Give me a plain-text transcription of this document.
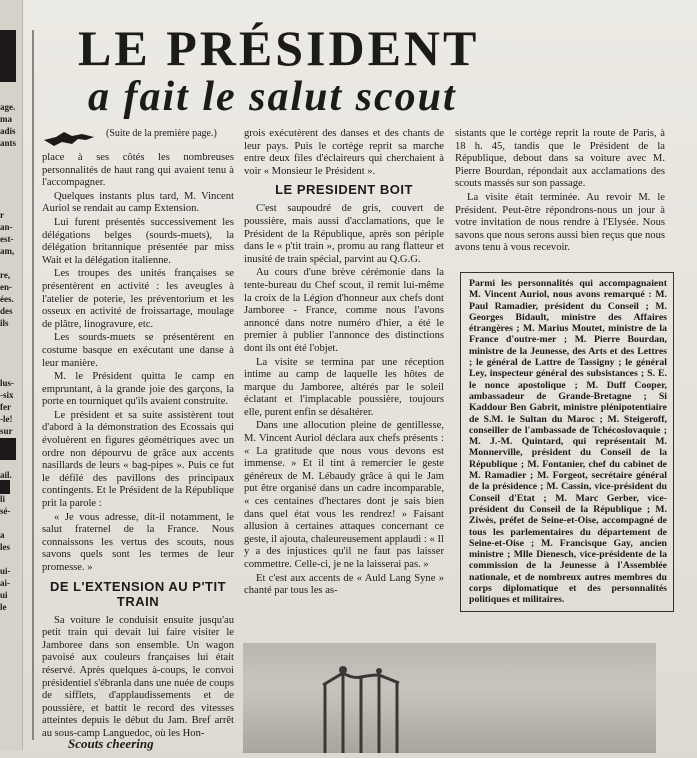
age.
ma
adis
ants
r
an-
est-
am,
re,
en-
ées.
des
ils
lus-
-six
fer
-le!
sur
ail.
li
sé-
a
les
ui-
ai-
ui
le
LE PRÉSIDENT
a fait le salut scout
(Suite de la première page.)

place à ses côtés les nombreuses personnalités de haut rang qui avaient tenu à l'accompagner.

Quelques instants plus tard, M. Vincent Auriol se rendait au camp Extension.

Lui furent présentés successivement les délégations belges (sourds-muets), la délégation britannique présentée par miss Wait et la délégation italienne.

Les troupes des unités françaises se présentèrent en activité : les aveugles à l'atelier de poterie, les préventorium et les osseux en activité de froissartage, moulage de plâtre, linogravure, etc.

Les sourds-muets se présentèrent en costume basque en exécutant une danse à leur manière.

M. le Président quitta le camp en empruntant, à la grande joie des garçons, la porte en tourniquet qu'ils avaient construite.

Le président et sa suite assistèrent tout d'abord à la démonstration des Ecossais qui évoluèrent en figures géométriques avec un ordre non dépourvu de grâce aux accents nasillards de leurs « bag-pipes ». Puis ce fut le défilé des pavillons des principaux contingents. Et le Président de la République prit la parole :

« Je vous adresse, dit-il notamment, le salut fraternel de la France. Nous connaissons les vertus des scouts, nous savons quels sont les termes de leur promesse. »

DE L'EXTENSION AU P'TIT TRAIN

Sa voiture le conduisit ensuite jusqu'au petit train qui devait lui faire visiter le Jamboree dans son ensemble. Un wagon pavoisé aux couleurs françaises lui était réservé. Après quelques à-coups, le convoi présidentiel s'ébranla dans une nuée de coups de sifflets, d'applaudissements et de poussière, et battit le record des vitesses atteintes depuis le début du Jam. Bref arrêt au sous-camp Languedoc, où les Hon-

Scouts cheering

grois exécutèrent des danses et des chants de leur pays. Puis le cortège reprit sa marche entre deux files d'éclaireurs qui cherchaient à voir « Monsieur le Président ».

LE PRESIDENT BOIT

C'est saupoudré de gris, couvert de poussière, mais aussi d'acclamations, que le Président de la République, après son périple dans le « p'tit train », promu au rang flatteur et inusité de train spécial, parvint au Q.G.G.

Au cours d'une brève cérémonie dans la tente-bureau du Chef scout, il remit lui-même la croix de la Légion d'honneur aux chefs dont Jamboree - France, comme nous l'avons annoncé dans notre numéro d'hier, a été le premier à publier l'annonce des distinctions dont ils ont été l'objet.

La visite se termina par une réception intime au camp de laquelle les hôtes de marque du Jamboree, altérés par le soleil éclatant et l'implacable poussière, toujours elle, purent enfin se désaltérer.

Dans une allocution pleine de gentillesse, M. Vincent Auriol déclara aux chefs présents : « La gratitude que nous vous devons est immense. » Et il tint à remercier le geste généreux de M. Lébaudy grâce à qui le Jam put être organisé dans un cadre incomparable, « ces centaines d'hectares dont je sais bien dans quel état vous les rendrez! » Faisant allusion à certaines attaques concernant ce geste, il ajouta, chaleureusement applaudi : « Il y a des injustices qu'il ne faut pas laisser commettre. Celle-ci, je ne la laisserai pas. »

Et c'est aux accents de « Auld Lang Syne » chanté par tous les as-

sistants que le cortège reprit la route de Paris, à 18 h. 45, tandis que le Président de la République, debout dans sa voiture avec M. Pierre Bourdan, répondait aux acclamations des scouts massés sur son passage.

La visite était terminée. Au revoir M. le Président. Peut-être répondrons-nous un jour à votre invitation de nous rendre à l'Elysée. Nous savons que nous serons aussi bien reçus que nous avons tenu à vous recevoir.

Parmi les personnalités qui accompagnaient M. Vincent Auriol, nous avons remarqué : M. Paul Ramadier, président du Conseil ; M. Georges Bidault, ministre des Affaires étrangères ; M. Marius Moutet, ministre de la France d'outre-mer ; M. Pierre Bourdan, ministre de la Jeunesse, des Arts et des Lettres ; le général de Lattre de Tassigny ; le général Ley, inspecteur général des subsistances ; S. E. le nonce apostolique ; M. Duff Cooper, ambassadeur de Grande-Bretagne ; Si Kaddour Ben Gabrit, ministre plénipotentiaire de S.M. le Sultan du Maroc ; M. Steigeroff, conseiller de l'ambassade de Tchécoslovaquie ; M. J.-M. Quintard, qui représentait M. Monnerville, président du Conseil de la République ; M. Fontanier, chef du cabinet de M. Ramadier ; M. Forgeot, secrétaire général de la présidence ; M. Cassin, vice-président du Conseil d'Etat ; M. Marc Gerber, vice-président du Conseil de la République ; M. Ziwès, préfet de Seine-et-Oise, accompagné de tous les parlementaires du département de Seine-et-Oise ; M. Francisque Gay, ancien ministre ; Mlle Dienesch, vice-présidente de la commission de la Jeunesse à l'Assemblée nationale, et de nombreux autres membres du corps diplomatique et des personnalités politiques et militaires.
